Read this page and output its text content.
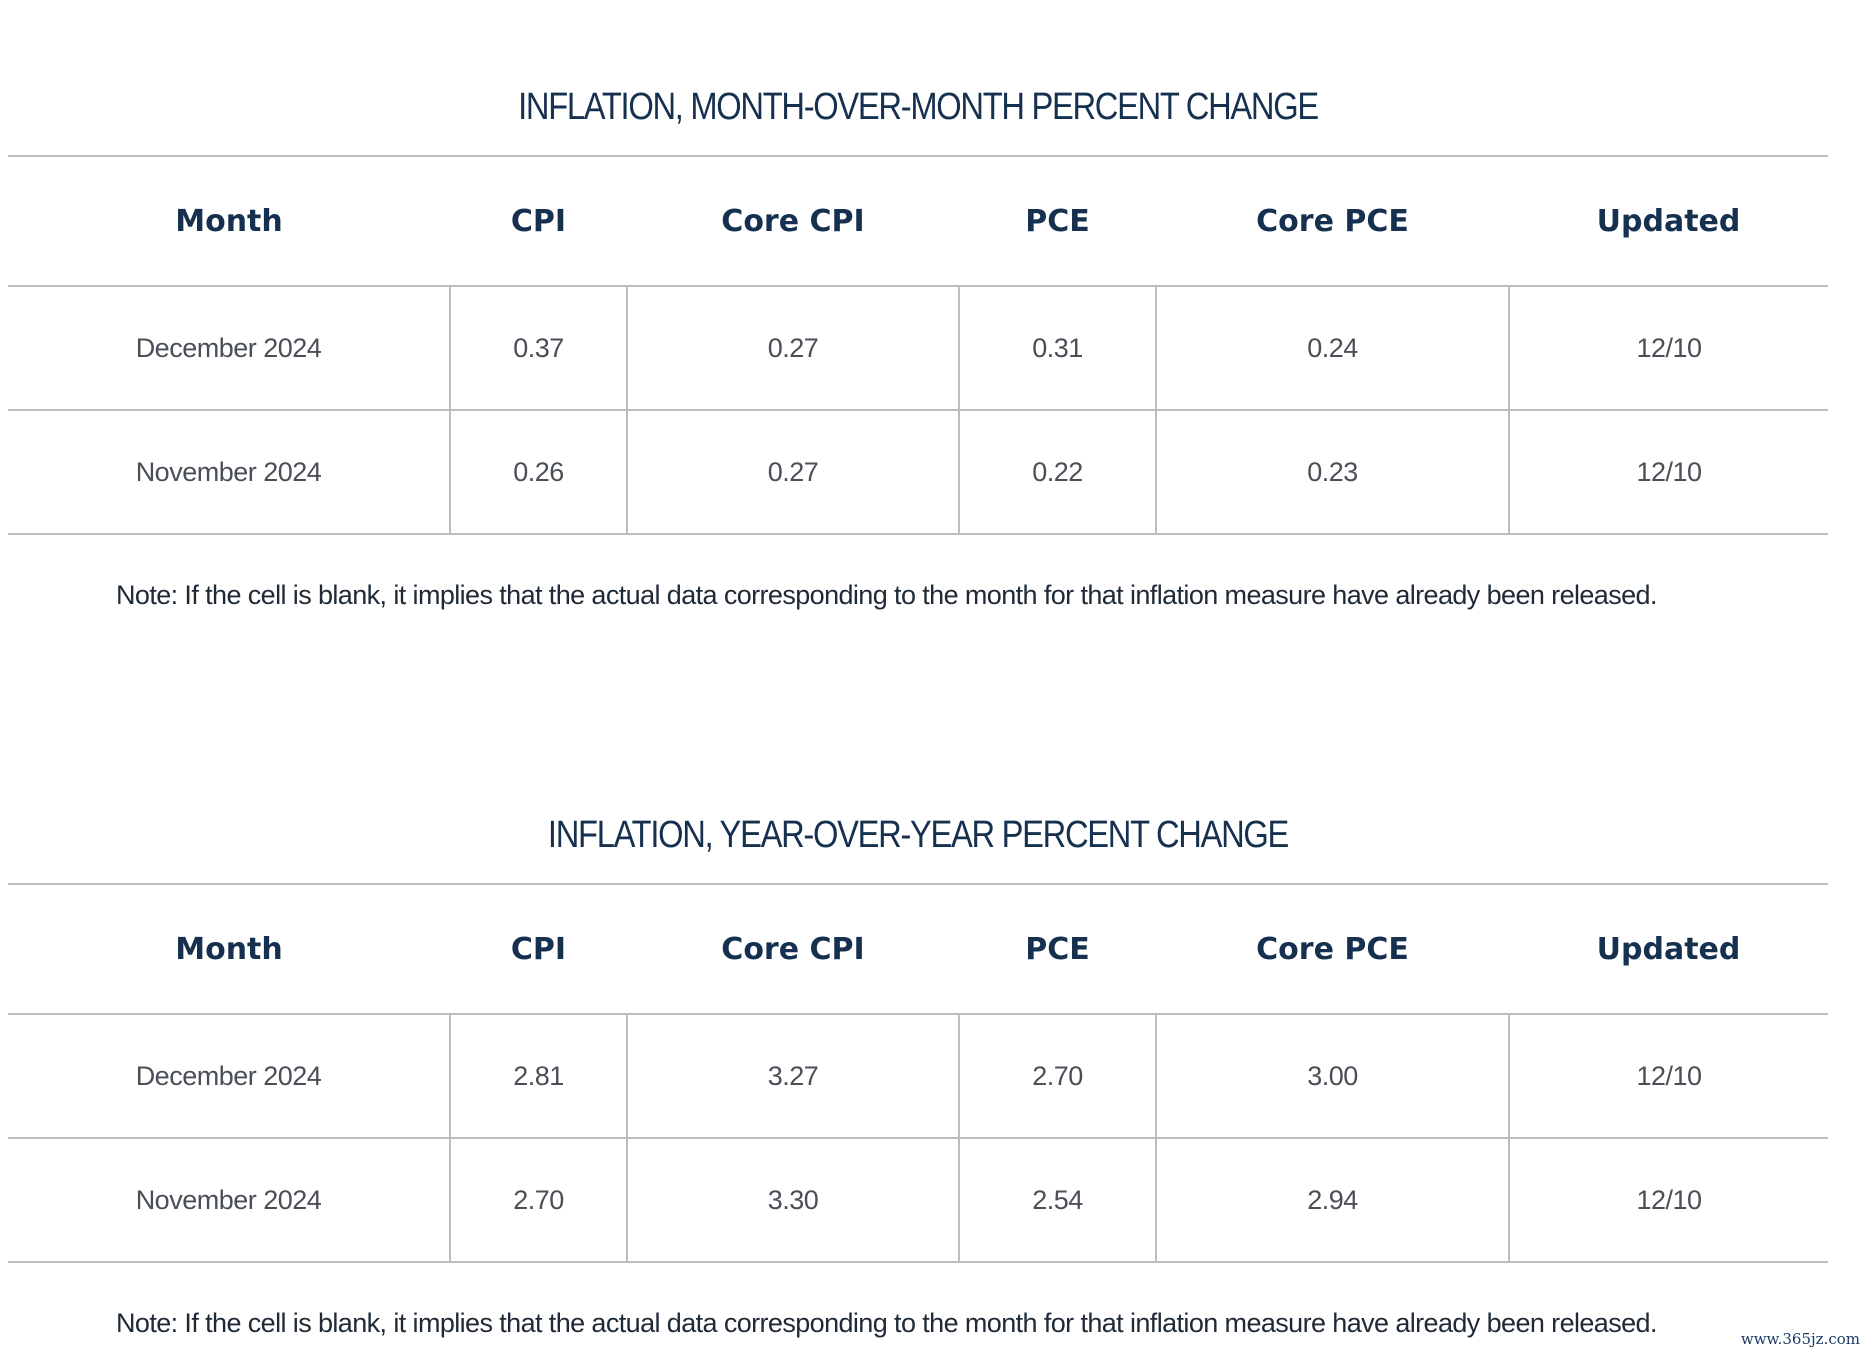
INFLATION, MONTH-OVER-MONTH PERCENT CHANGE
Month	CPI	Core CPI	PCE	Core PCE	Updated
December 2024	0.37	0.27	0.31	0.24	12/10
November 2024	0.26	0.27	0.22	0.23	12/10
Note: If the cell is blank, it implies that the actual data corresponding to the month for that inflation measure have already been released.
INFLATION, YEAR-OVER-YEAR PERCENT CHANGE
Month	CPI	Core CPI	PCE	Core PCE	Updated
December 2024	2.81	3.27	2.70	3.00	12/10
November 2024	2.70	3.30	2.54	2.94	12/10
Note: If the cell is blank, it implies that the actual data corresponding to the month for that inflation measure have already been released.
www.365jz.com
